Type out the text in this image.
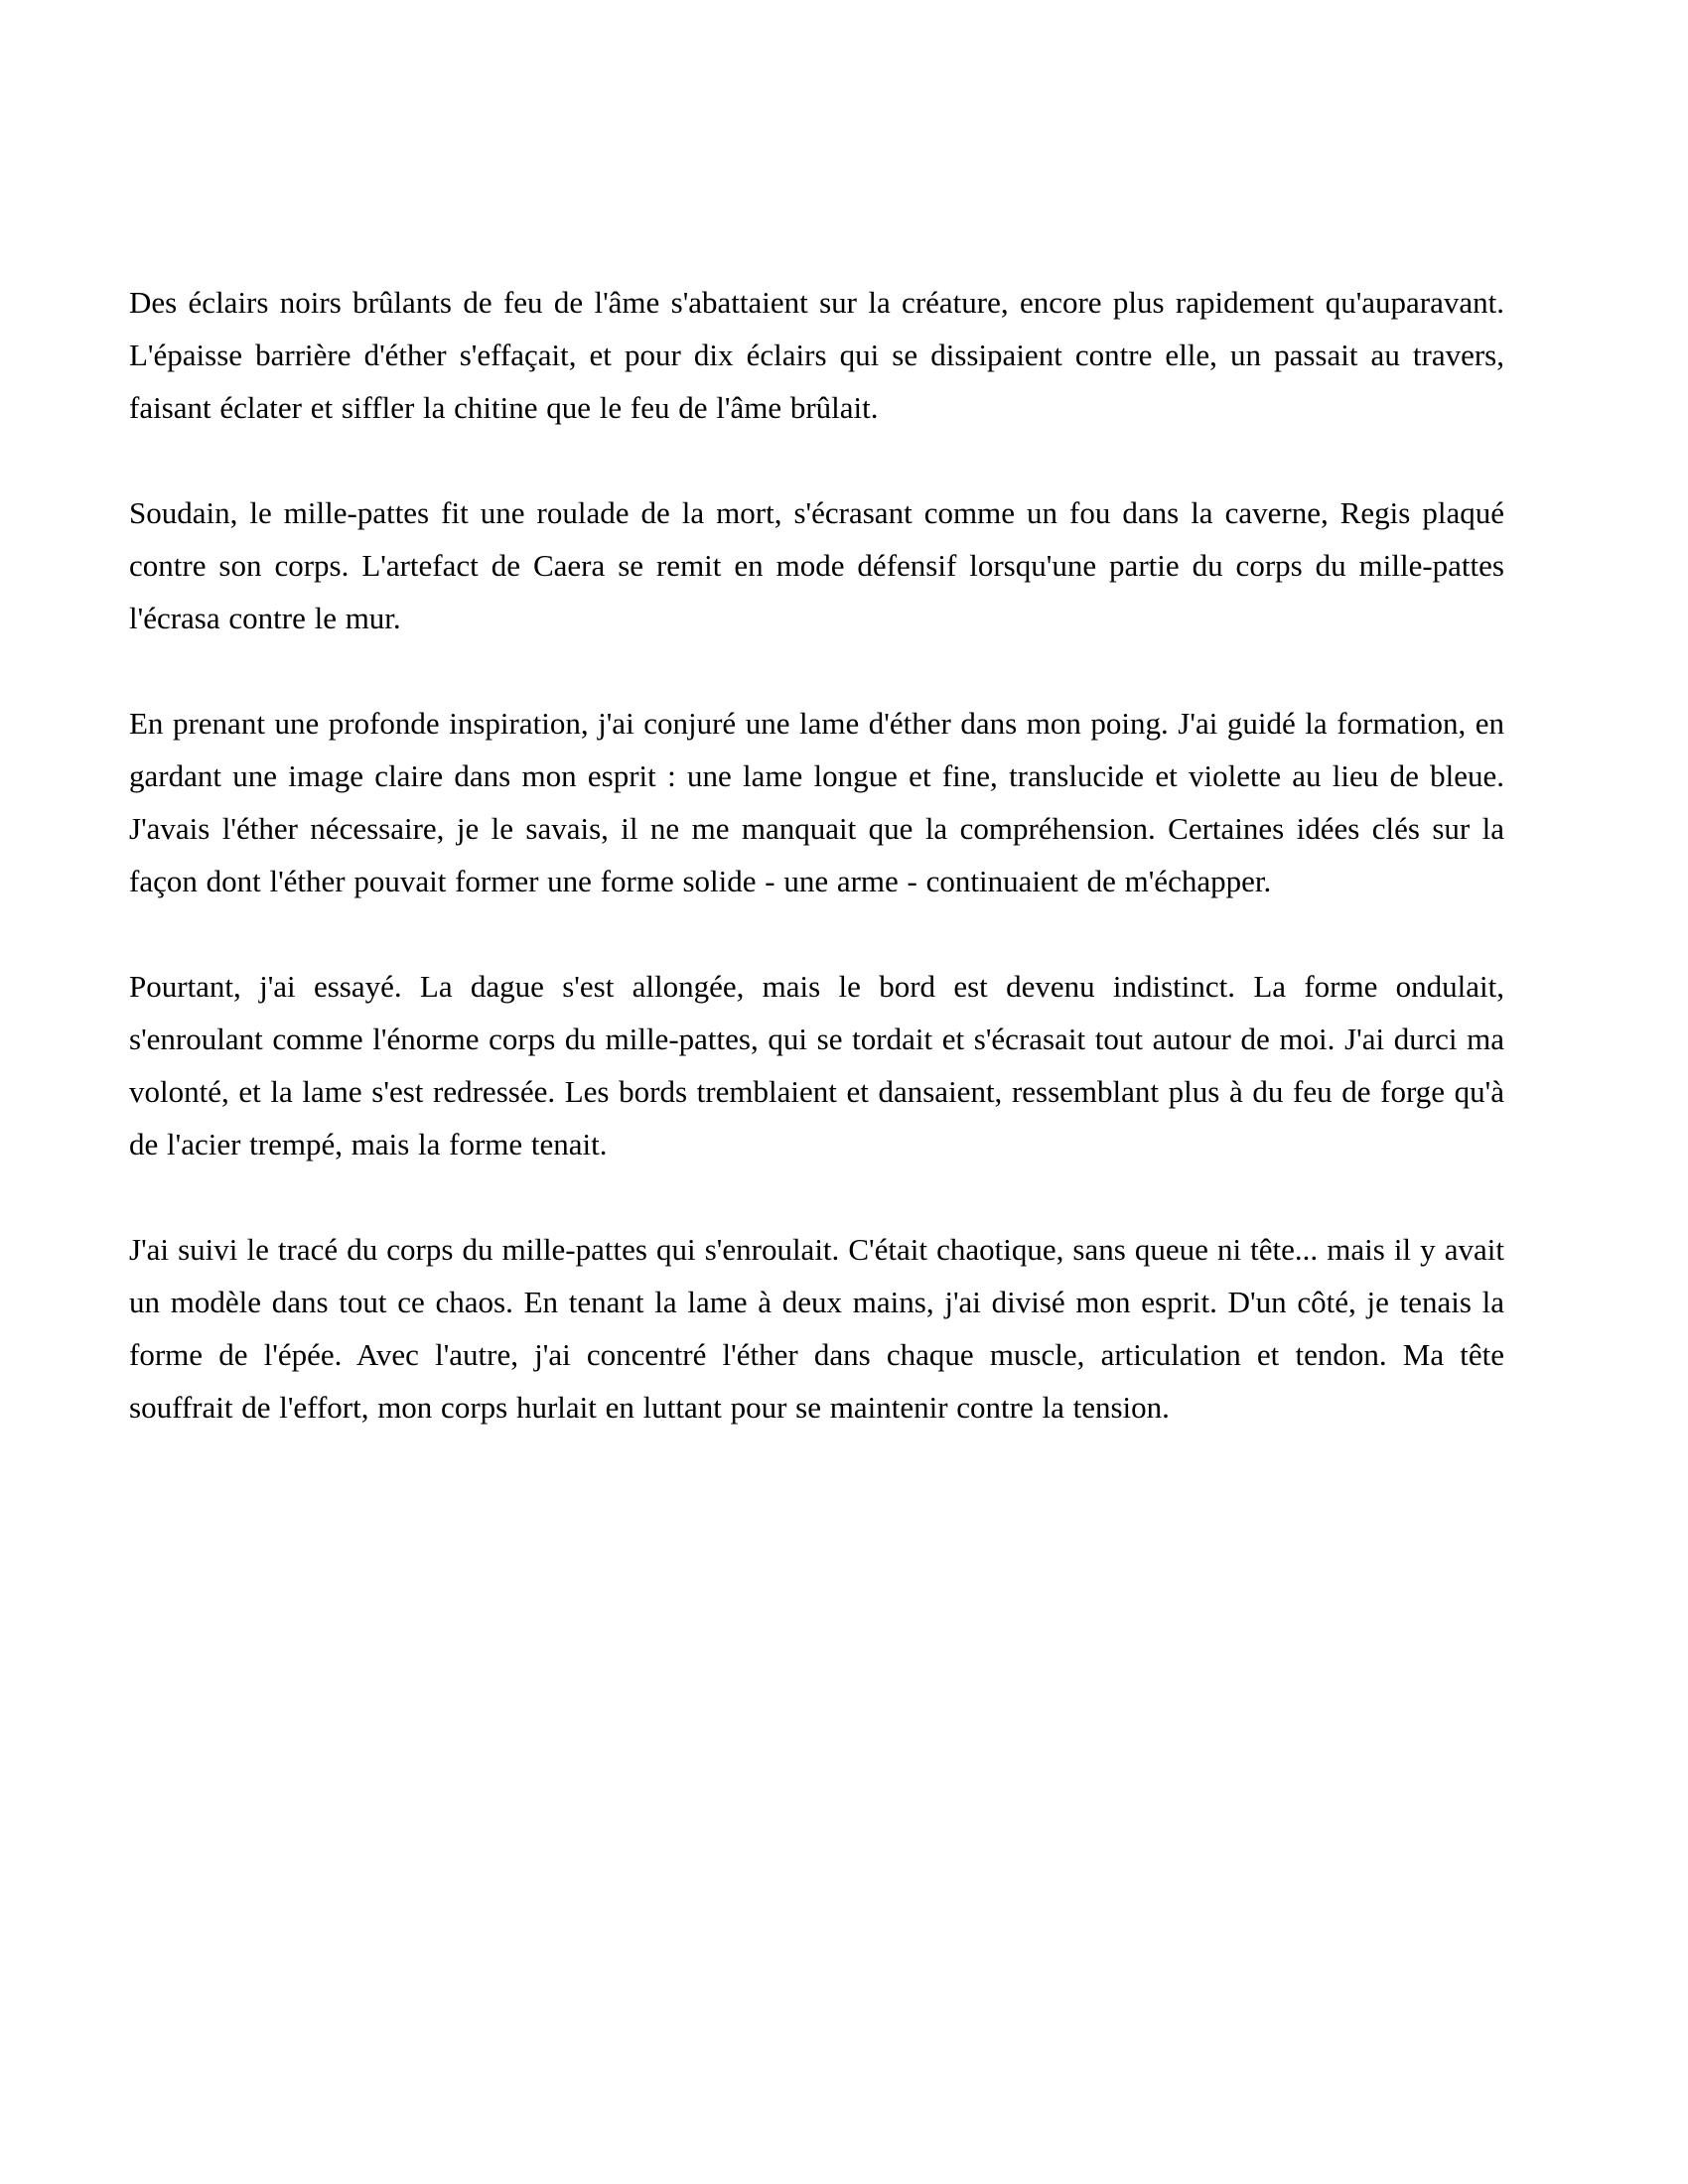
Des éclairs noirs brûlants de feu de l'âme s'abattaient sur la créature, encore plus rapidement qu'auparavant. L'épaisse barrière d'éther s'effaçait, et pour dix éclairs qui se dissipaient contre elle, un passait au travers, faisant éclater et siffler la chitine que le feu de l'âme brûlait.

Soudain, le mille-pattes fit une roulade de la mort, s'écrasant comme un fou dans la caverne, Regis plaqué contre son corps. L'artefact de Caera se remit en mode défensif lorsqu'une partie du corps du mille-pattes l'écrasa contre le mur.

En prenant une profonde inspiration, j'ai conjuré une lame d'éther dans mon poing. J'ai guidé la formation, en gardant une image claire dans mon esprit : une lame longue et fine, translucide et violette au lieu de bleue. J'avais l'éther nécessaire, je le savais, il ne me manquait que la compréhension. Certaines idées clés sur la façon dont l'éther pouvait former une forme solide - une arme - continuaient de m'échapper.

Pourtant, j'ai essayé. La dague s'est allongée, mais le bord est devenu indistinct. La forme ondulait, s'enroulant comme l'énorme corps du mille-pattes, qui se tordait et s'écrasait tout autour de moi. J'ai durci ma volonté, et la lame s'est redressée. Les bords tremblaient et dansaient, ressemblant plus à du feu de forge qu'à de l'acier trempé, mais la forme tenait.

J'ai suivi le tracé du corps du mille-pattes qui s'enroulait. C'était chaotique, sans queue ni tête... mais il y avait un modèle dans tout ce chaos. En tenant la lame à deux mains, j'ai divisé mon esprit. D'un côté, je tenais la forme de l'épée. Avec l'autre, j'ai concentré l'éther dans chaque muscle, articulation et tendon. Ma tête souffrait de l'effort, mon corps hurlait en luttant pour se maintenir contre la tension.
